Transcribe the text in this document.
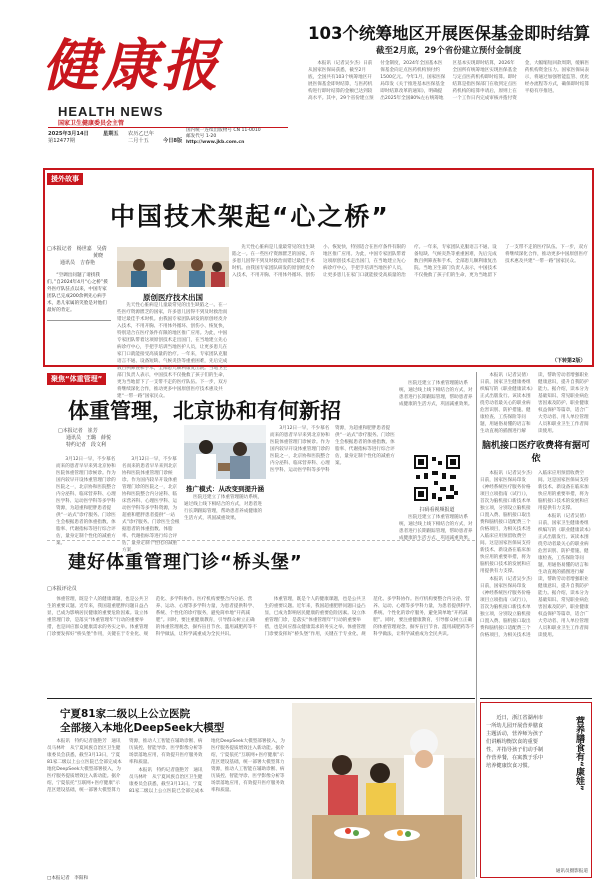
健康报
HEALTH NEWS
国家卫生健康委员会主管
2025年3月14日
第12477期
星期五	农历乙巳年
二月十五	今日8版
国内统一连续出版物号 CN 11-0010
邮发代号 1-20
http://www.jkb.com.cn
103个统筹地区开展医保基金即时结算
截至2月底，29个省份建立预付金制度

本报讯（记者吴少杰）日前从国家医保局获悉，截至2月底，全国共有103个统筹地区开展医保基金即时结算，与医药机构进行即时结算的金额已达到较高水平。其中，29个省份建立预付金制度，2024年全国基本医保基金向定点医药机构预付约1500亿元。今年1月，国家医保局印发《关于推进基本医保基金即时结算改革的通知》，明确提出2025年全国80%左右统筹地区基本实现即时结算，2026年全国所有统筹地区实现医保基金与定点医药机构即时结算。即时结算是指医保部门在收到定点医药机构的结算申请后，原则上在一个工作日内完成审核并拨付资金，大幅缩短回款周期，缓解医药机构资金压力。国家医保局表示，将通过加强智能监管、优化经办流程等方式，确保即时结算平稳有序推进。

援外故事
中国技术架起“心之桥”
□本报记者　杨世嘉　吴倩
黄晓
通讯员　吉春艳

“空调出问题了请找我们。”自2024年4月“心之桥”援外医疗队驻点以来，中国专家团队已完成200余例先心病手术，患儿家属的笑脸是对他们最好的肯定。

原创医疗技术出国

先天性心脏病是儿童最常见的出生缺陷之一。在一些医疗资源匮乏的国家，许多患儿因得不到及时救治而错过最佳手术时机。由我国专家团队研发的原创经皮介入技术，不用开胸、不用体外循环、创伤小、恢复快，特别适合在医疗条件有限的地区推广应用。为此，中国专家团队带着这项原创技术走出国门，在当地建立先心病诊疗中心，手把手培训当地医护人员，让更多患儿在家门口就能接受高质量的治疗。一年来，专家团队克服语言不通、设备短缺、气候炎热等重重困难，先后完成数百例筛查和手术，全部患儿顺利康复出院。当地卫生部门负责人表示，中国技术不仅挽救了孩子们的生命，更为当地留下了一支带不走的医疗队伍。下一步，双方将继续深化合作，推动更多中国原创医疗技术惠及共建“一带一路”国家民众。

先天性心脏病是儿童最常见的出生缺陷之一。在一些医疗资源匮乏的国家，许多患儿因得不到及时救治而错过最佳手术时机。由我国专家团队研发的原创经皮介入技术，不用开胸、不用体外循环、创伤小、恢复快，特别适合在医疗条件有限的地区推广应用。为此，中国专家团队带着这项原创技术走出国门，在当地建立先心病诊疗中心，手把手培训当地医护人员，让更多患儿在家门口就能接受高质量的治疗。一年来，专家团队克服语言不通、设备短缺、气候炎热等重重困难，先后完成数百例筛查和手术，全部患儿顺利康复出院。当地卫生部门负责人表示，中国技术不仅挽救了孩子们的生命，更为当地留下了一支带不走的医疗队伍。下一步，双方将继续深化合作，推动更多中国原创医疗技术惠及共建“一带一路”国家民众。

（下转第2版）
聚焦“体重管理”
体重管理，北京协和有何新招
□本报记者　崔芳
通讯员　王璐　薛悦
特约记者　段文利

3月12日一早，不少慕名而来的患者早早来到北京协和医院体重管理门诊候诊。作为国内较早开设体重管理门诊的医院之一，北京协和医院整合内分泌科、临床营养科、心理医学科、运动医学科等多学科资源，为超重和肥胖患者提供“一站式”诊疗服务。门诊医生会根据患者的体重指数、体脂率、代谢指标等进行综合评估，量身定制个性化的减重方案。

3月12日一早，不少慕名而来的患者早早来到北京协和医院体重管理门诊候诊。作为国内较早开设体重管理门诊的医院之一，北京协和医院整合内分泌科、临床营养科、心理医学科、运动医学科等多学科资源，为超重和肥胖患者提供“一站式”诊疗服务。门诊医生会根据患者的体重指数、体脂率、代谢指标等进行综合评估，量身定制个性化的减重方案。

推广模式：从改变到提升涵

医院还建立了体重管理随访系统，通过线上线下相结合的方式，对患者进行长期跟踪管理，帮助患者养成健康的生活方式，巩固减重效果。

3月12日一早，不少慕名而来的患者早早来到北京协和医院体重管理门诊候诊。作为国内较早开设体重管理门诊的医院之一，北京协和医院整合内分泌科、临床营养科、心理医学科、运动医学科等多学科资源，为超重和肥胖患者提供“一站式”诊疗服务。门诊医生会根据患者的体重指数、体脂率、代谢指标等进行综合评估，量身定制个性化的减重方案。

医院还建立了体重管理随访系统，通过线上线下相结合的方式，对患者进行长期跟踪管理，帮助患者养成健康的生活方式，巩固减重效果。

扫码看视频报道

医院还建立了体重管理随访系统，通过线上线下相结合的方式，对患者进行长期跟踪管理，帮助患者养成健康的生活方式，巩固减重效果。

建好体重管理门诊“桥头堡”
□本报评论员

体重管理，既是个人的健康课题，也是公共卫生的重要议题。近年来，我国超重肥胖问题日益凸显，已成为影响居民健康的重要危险因素。设立体重管理门诊，是落实“体重管理年”行动的重要举措，也是回应群众健康需求的务实之举。体重管理门诊要发挥好“桥头堡”作用，关键在于专业化、规范化、多学科协作。医疗机构要整合内分泌、营养、运动、心理等多学科力量，为患者提供科学、系统、个性化的诊疗服务，避免简单地“开药减肥”。同时，要注重健康教育，引导群众树立正确的体重管理观念，摒弃盲目节食、滥用减肥药等不科学做法，让科学减重成为全民共识。

体重管理，既是个人的健康课题，也是公共卫生的重要议题。近年来，我国超重肥胖问题日益凸显，已成为影响居民健康的重要危险因素。设立体重管理门诊，是落实“体重管理年”行动的重要举措，也是回应群众健康需求的务实之举。体重管理门诊要发挥好“桥头堡”作用，关键在于专业化、规范化、多学科协作。医疗机构要整合内分泌、营养、运动、心理等多学科力量，为患者提供科学、系统、个性化的诊疗服务，避免简单地“开药减肥”。同时，要注重健康教育，引导群众树立正确的体重管理观念，摒弃盲目节食、滥用减肥药等不科学做法，让科学减重成为全民共识。

宁夏81家二级以上公立医院
全部接入本地化DeepSeek大模型

本报讯　特约记者施艳芳　通讯员马林叶　从宁夏回族自治区卫生健康委员会获悉，截至3月13日，宁夏81家二级以上公立医院已全部完成本地化DeepSeek大模型部署接入，为医疗服务提质增效注入新动能。据介绍，宁夏依托“互联网+医疗健康”示范区建设基础，统一部署大模型算力资源，推动人工智能在辅助诊断、病历质控、智能导诊、医学影像分析等场景落地应用，有效提升医疗服务效率和质量。

本报讯　特约记者施艳芳　通讯员马林叶　从宁夏回族自治区卫生健康委员会获悉，截至3月13日，宁夏81家二级以上公立医院已全部完成本地化DeepSeek大模型部署接入，为医疗服务提质增效注入新动能。据介绍，宁夏依托“互联网+医疗健康”示范区建设基础，统一部署大模型算力资源，推动人工智能在辅助诊断、病历质控、智能导诊、医学影像分析等场景落地应用，有效提升医疗服务效率和质量。

□本报记者　李阳和

本报讯（记者吴倩）日前，国家卫生健康委组织编写的《职业健康读本》正式出版发行。该读本围绕劳动者最关心的职业病危害识别、防护措施、健康检查、工伤保险等问题，用通俗易懂的语言和生动直观的插图进行解读，帮助劳动者增强职业健康意识，提升自我防护能力。据介绍，读本分为基础知识、常见职业病危害因素及防护、职业健康权益保护等篇章，适合广大劳动者、用人单位管理人员和职业卫生工作者阅读使用。

脑机接口医疗收费将有据可依

本报讯（记者吴少杰）日前，国家医保局印发《神经系统医疗服务价格项目立项指南（试行）》，首次为脑机接口新技术单独立项，分别设立脑机接口置入费、脑机接口取出费和脑机接口适配费三个价格项目，为相关技术进入临床应用预留收费空间。这是国家医保局支持新技术、新设备在临床加快应用的重要举措，将为脑机接口技术的发展和应用提供有力支撑。

本报讯（记者吴少杰）日前，国家医保局印发《神经系统医疗服务价格项目立项指南（试行）》，首次为脑机接口新技术单独立项，分别设立脑机接口置入费、脑机接口取出费和脑机接口适配费三个价格项目，为相关技术进入临床应用预留收费空间。这是国家医保局支持新技术、新设备在临床加快应用的重要举措，将为脑机接口技术的发展和应用提供有力支撑。

本报讯（记者吴倩）日前，国家卫生健康委组织编写的《职业健康读本》正式出版发行。该读本围绕劳动者最关心的职业病危害识别、防护措施、健康检查、工伤保险等问题，用通俗易懂的语言和生动直观的插图进行解读，帮助劳动者增强职业健康意识，提升自我防护能力。据介绍，读本分为基础知识、常见职业病危害因素及防护、职业健康权益保护等篇章，适合广大劳动者、用人单位管理人员和职业卫生工作者阅读使用。

近日，浙江省湖州市一所幼儿园开展营养膳食主题活动，营养师为孩子们讲解均衡饮食的重要性，并指导孩子们动手制作营养餐，在寓教于乐中培养健康饮食习惯。	营养膳食有“康娃”
通讯员摄影报道
